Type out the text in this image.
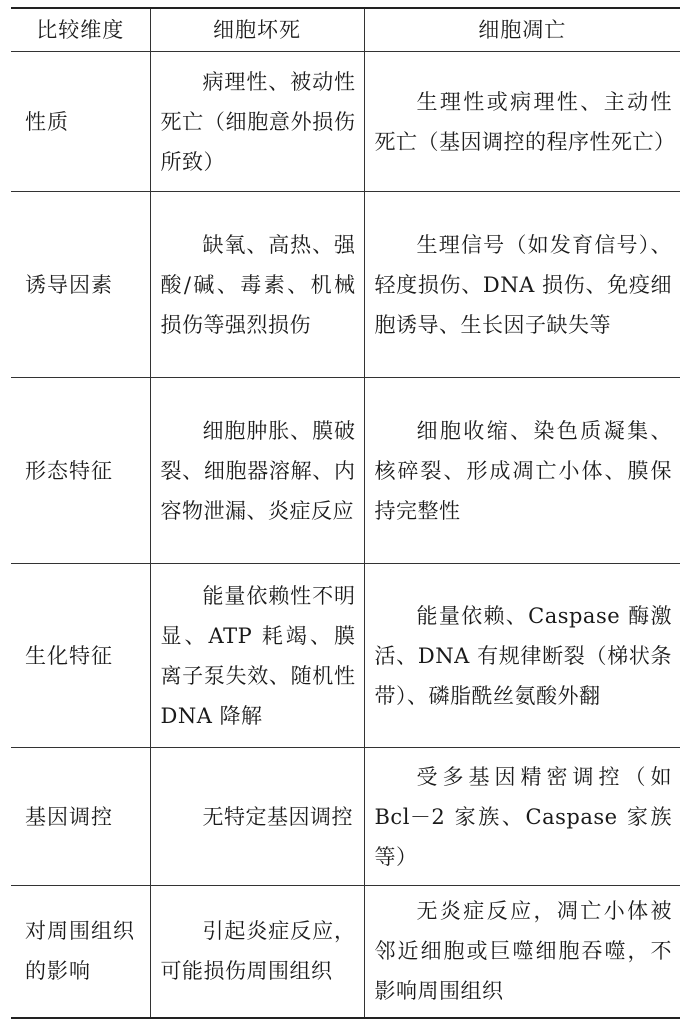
比较维度	细胞坏死	细胞凋亡
性质	病理性、被动性死亡（细胞意外损伤所致）	生理性或病理性、主动性死亡（基因调控的程序性死亡）
诱导因素	缺氧、高热、强酸/碱、毒素、机械损伤等强烈损伤	生理信号（如发育信号）、轻度损伤、DNA 损伤、免疫细胞诱导、生长因子缺失等
形态特征	细胞肿胀、膜破裂、细胞器溶解、内容物泄漏、炎症反应	细胞收缩、染色质凝集、核碎裂、形成凋亡小体、膜保持完整性
生化特征	能量依赖性不明显、ATP 耗竭、膜离子泵失效、随机性 DNA 降解	能量依赖、Caspase 酶激活、DNA 有规律断裂（梯状条带）、磷脂酰丝氨酸外翻
基因调控	无特定基因调控	受多基因精密调控（如 Bcl－2 家族、Caspase 家族等）
对周围组织的影响	引起炎症反应，可能损伤周围组织	无炎症反应，凋亡小体被邻近细胞或巨噬细胞吞噬，不影响周围组织
